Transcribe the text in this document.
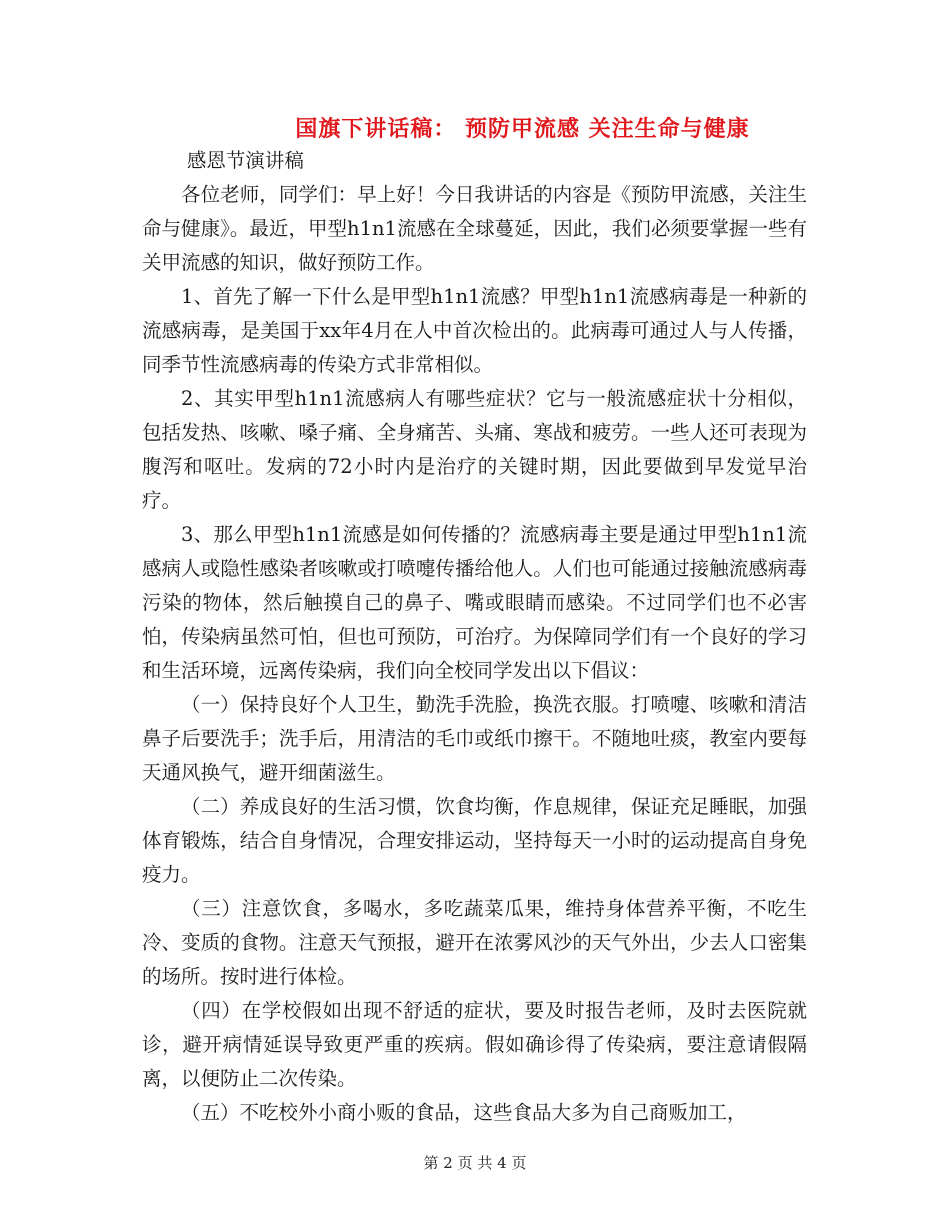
国旗下讲话稿： 预防甲流感 关注生命与健康

感恩节演讲稿

各位老师，同学们：早上好！今日我讲话的内容是《预防甲流感，关注生命与健康》。最近，甲型h1n1流感在全球蔓延，因此，我们必须要掌握一些有关甲流感的知识，做好预防工作。

1、首先了解一下什么是甲型h1n1流感？甲型h1n1流感病毒是一种新的流感病毒，是美国于xx年4月在人中首次检出的。此病毒可通过人与人传播，同季节性流感病毒的传染方式非常相似。

2、其实甲型h1n1流感病人有哪些症状？它与一般流感症状十分相似，包括发热、咳嗽、嗓子痛、全身痛苦、头痛、寒战和疲劳。一些人还可表现为腹泻和呕吐。发病的72小时内是治疗的关键时期，因此要做到早发觉早治疗。

3、那么甲型h1n1流感是如何传播的？流感病毒主要是通过甲型h1n1流感病人或隐性感染者咳嗽或打喷嚏传播给他人。人们也可能通过接触流感病毒污染的物体，然后触摸自己的鼻子、嘴或眼睛而感染。不过同学们也不必害怕，传染病虽然可怕，但也可预防，可治疗。为保障同学们有一个良好的学习和生活环境，远离传染病，我们向全校同学发出以下倡议：

（一）保持良好个人卫生，勤洗手洗脸，换洗衣服。打喷嚏、咳嗽和清洁鼻子后要洗手；洗手后，用清洁的毛巾或纸巾擦干。不随地吐痰，教室内要每天通风换气，避开细菌滋生。

（二）养成良好的生活习惯，饮食均衡，作息规律，保证充足睡眠，加强体育锻炼，结合自身情况，合理安排运动，坚持每天一小时的运动提高自身免疫力。

（三）注意饮食，多喝水，多吃蔬菜瓜果，维持身体营养平衡，不吃生冷、变质的食物。注意天气预报，避开在浓雾风沙的天气外出，少去人口密集的场所。按时进行体检。

（四）在学校假如出现不舒适的症状，要及时报告老师，及时去医院就诊，避开病情延误导致更严重的疾病。假如确诊得了传染病，要注意请假隔离，以便防止二次传染。

（五）不吃校外小商小贩的食品，这些食品大多为自己商贩加工，

第 2 页 共 4 页
